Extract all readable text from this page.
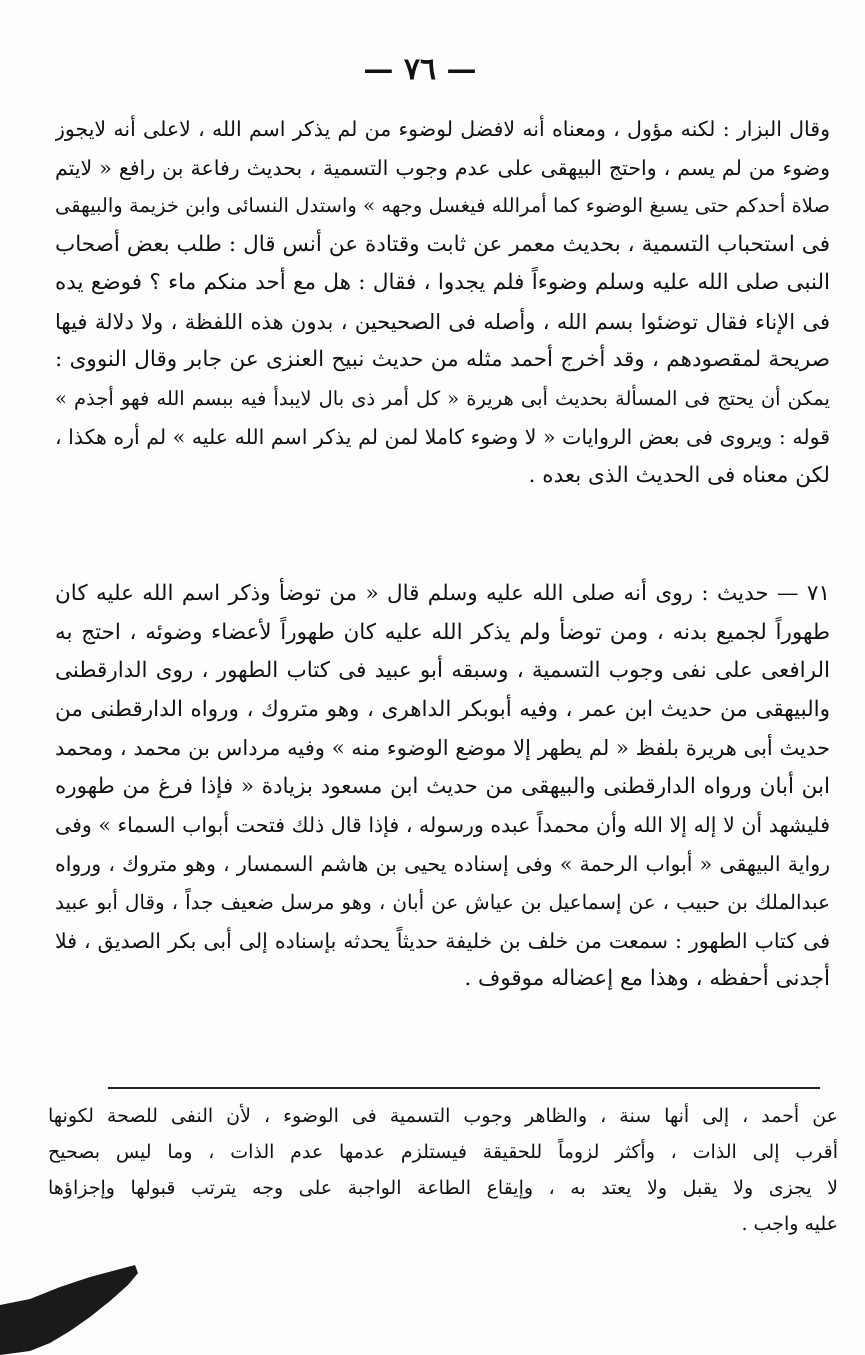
— ٧٦ —
وقال البزار : لكنه مؤول ، ومعناه أنه لافضل لوضوء من لم يذكر اسم الله ، لاعلى أنه لايجوز
وضوء من لم يسم ، واحتج البيهقى على عدم وجوب التسمية ، بحديث رفاعة بن رافع « لايتم
صلاة أحدكم حتى يسبغ الوضوء كما أمرالله فيغسل وجهه » واستدل النسائى وابن خزيمة والبيهقى
فى استحباب التسمية ، بحديث معمر عن ثابت وقتادة عن أنس قال : طلب بعض أصحاب
النبى صلى الله عليه وسلم وضوءاً فلم يجدوا ، فقال : هل مع أحد منكم ماء ؟ فوضع يده
فى الإناء فقال توضئوا بسم الله ، وأصله فى الصحيحين ، بدون هذه اللفظة ، ولا دلالة فيها
صريحة لمقصودهم ، وقد أخرج أحمد مثله من حديث نبيح العنزى عن جابر وقال النووى :
يمكن أن يحتج فى المسألة بحديث أبى هريرة « كل أمر ذى بال لايبدأ فيه ببسم الله فهو أجذم »
قوله : ويروى فى بعض الروايات « لا وضوء كاملا لمن لم يذكر اسم الله عليه » لم أره هكذا ،
لكن معناه فى الحديث الذى بعده .
٧١ — حديث : روى أنه صلى الله عليه وسلم قال « من توضأ وذكر اسم الله عليه كان
طهوراً لجميع بدنه ، ومن توضأ ولم يذكر الله عليه كان طهوراً لأعضاء وضوئه ، احتج به
الرافعى على نفى وجوب التسمية ، وسبقه أبو عبيد فى كتاب الطهور ، روى الدارقطنى
والبيهقى من حديث ابن عمر ، وفيه أبوبكر الداهرى ، وهو متروك ، ورواه الدارقطنى من
حديث أبى هريرة بلفظ « لم يطهر إلا موضع الوضوء منه » وفيه مرداس بن محمد ، ومحمد
ابن أبان ورواه الدارقطنى والبيهقى من حديث ابن مسعود بزيادة « فإذا فرغ من طهوره
فليشهد أن لا إله إلا الله وأن محمداً عبده ورسوله ، فإذا قال ذلك فتحت أبواب السماء » وفى
رواية البيهقى « أبواب الرحمة » وفى إسناده يحيى بن هاشم السمسار ، وهو متروك ، ورواه
عبدالملك بن حبيب ، عن إسماعيل بن عياش عن أبان ، وهو مرسل ضعيف جداً ، وقال أبو عبيد
فى كتاب الطهور : سمعت من خلف بن خليفة حديثاً يحدثه بإسناده إلى أبى بكر الصديق ، فلا
أجدنى أحفظه ، وهذا مع إعضاله موقوف .
عن أحمد ، إلى أنها سنة ، والظاهر وجوب التسمية فى الوضوء ، لأن النفى للصحة لكونها
أقرب إلى الذات ، وأكثر لزوماً للحقيقة فيستلزم عدمها عدم الذات ، وما ليس بصحيح
لا يجزى ولا يقبل ولا يعتد به ، وإيقاع الطاعة الواجبة على وجه يترتب قبولها وإجزاؤها
عليه واجب .
